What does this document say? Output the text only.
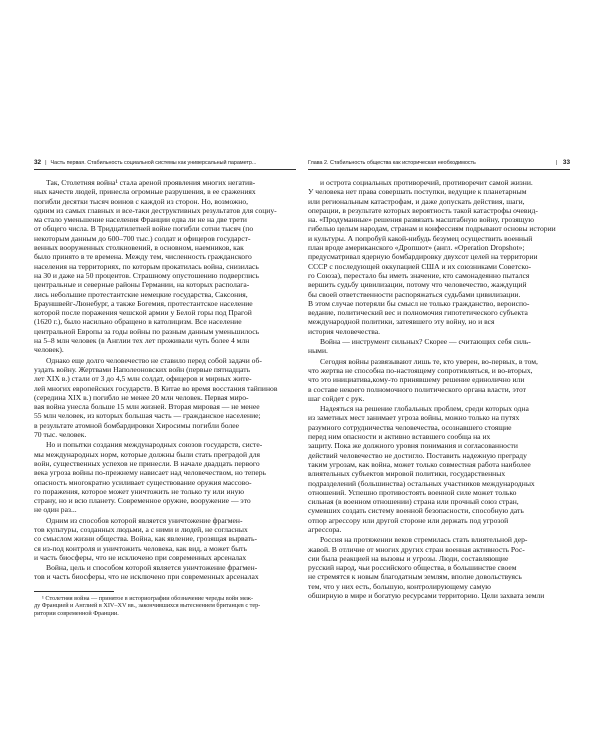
32 | Часть первая. Стабильность социальной системы как универсальный параметр...
Так, Столетняя война¹ стала ареной проявления многих негатив-
ных качеств людей, принесла огромные разрушения, в ее сражениях
погибли десятки тысяч воинов с каждой из сторон. Но, возможно,
одним из самых главных и все-таки деструктивных результатов для социу-
ма стало уменьшение населения Франции едва ли не на две трети
от общего числа. В Тридцатилетней войне погибли сотни тысяч (по
некоторым данным до 600–700 тыс.) солдат и офицеров государст-
венных вооруженных столкновений, в основном, наемников, как
было принято в те времена. Между тем, численность гражданского
населения на территориях, по которым прокатилась война, снизилась
на 30 и даже на 50 процентов. Страшному опустошению подверглись
центральные и северные районы Германии, на которых располага-
лись небольшие протестантские немецкие государства, Саксония,
Брауншвейг-Люнебург, а также Богемия, протестантское население
которой после поражения чешской армии у Белой горы под Прагой
(1620 г.), было насильно обращено в католицизм. Все население
центральной Европы за годы войны по разным данным уменьшилось
на 5–8 млн человек (в Англии тех лет проживали чуть более 4 млн
человек).
Однако еще долго человечество не ставило перед собой задачи об-
уздать войну. Жертвами Наполеоновских войн (первые пятнадцать
лет XIX в.) стали от 3 до 4,5 млн солдат, офицеров и мирных жите-
лей многих европейских государств. В Китае во время восстания тайпинов
(середина XIX в.) погибло не менее 20 млн человек. Первая миро-
вая война унесла больше 15 млн жизней. Вторая мировая — не менее
55 млн человек, из которых большая часть — гражданское население;
в результате атомной бомбардировки Хиросимы погибли более
70 тыс. человек.
Но и попытки создания международных союзов государств, систе-
мы международных норм, которые должны были стать преградой для
войн, существенных успехов не принесли. В начале двадцать первого
века угроза войны по-прежнему нависает над человечеством, но теперь
опасность многократно усиливает существование оружия массово-
го поражения, которое может уничтожить не только ту или иную
страну, но и всю планету. Современное оружие, вооружение — это
не один раз...
Одним из способов которой является уничтожение фрагмен-
тов культуры, созданных людьми, а с ними и людей, не согласных
со смыслом жизни общества. Война, как явление, грозящая вырвать-
ся из-под контроля и уничтожить человека, как вид, а может быть
и часть биосферы, что не исключено при современных арсеналах
Война, цель и способом которой является уничтожение фрагмен-
тов и часть биосферы, что не исключено при современных арсеналах
¹ Столетняя война — принятое в историографии обозначение череды войн меж-
ду Францией и Англией в XIV–XV вв., закончившихся вытеснением британцев с тер-
ритории современной Франции.
Глава 2. Стабильность общества как историческая необходимость	| 33
и острота социальных противоречий, противоречит самой жизни.
У человека нет права совершать поступки, ведущие к планетарным
или региональным катастрофам, и даже допускать действия, шаги,
операции, в результате которых вероятность такой катастрофы очевид-
на. «Продуманные» решения развязать масштабную войну, грозящую
гибелью целым народам, странам и конфессиям подрывают основы истории
и культуры. А попробуй какой-нибудь безумец осуществить военный
план вроде американского «Дропшот» (англ. «Operation Dropshot»;
предусматривал ядерную бомбардировку двухсот целей на территории
СССР с последующей оккупацией США и их союзниками Советско-
го Союза), перестало бы иметь значение, кто самонадеянно пытался
вершить судьбу цивилизации, потому что человечество, жаждущий
бы своей ответственности распоряжаться судьбами цивилизации.
В этом случае потеряли бы смысл не только гражданство, вероиспо-
ведание, политический вес и полномочия гипотетического субъекта
международной политики, затеявшего эту войну, но и вся
история человечества.
Война — инструмент сильных? Скорее — считающих себя силь-
ными.
Сегодня войны развязывают лишь те, кто уверен, во-первых, в том,
что жертва не способна по-настоящему сопротивляться, и во-вторых,
что это инициатива,кому-то принявшему решение единолично или
в составе некоего полномочного политического органа власти, этот
шаг сойдет с рук.
Надеяться на решение глобальных проблем, среди которых одна
из заметных мест занимает угроза войны, можно только на путях
разумного сотрудничества человечества, осознавшего стоящие
перед ним опасности и активно вставшего сообща на их
защиту. Пока же должного уровня понимания и согласованности
действий человечество не достигло. Поставить надежную преграду
таким угрозам, как война, может только совместная работа наиболее
влиятельных субъектов мировой политики, государственных
подразделений (большинства) остальных участников международных
отношений. Успешно противостоять военной силе может только
сильная (в военном отношении) страна или прочный союз стран,
сумевших создать систему военной безопасности, способную дать
отпор агрессору или другой стороне или держать под угрозой
агрессора.
Россия на протяжении веков стремилась стать влиятельной дер-
жавой. В отличие от многих других стран военная активность Рос-
сии была реакцией на вызовы и угрозы. Люди, составляющие
русский народ, чьи российского общества, в большинстве своем
не стремятся к новым благодатным землям, вполне довольствуясь
тем, что у них есть, большую, контролирующему самую
обширную в мире и богатую ресурсами территорию. Цели захвата земли
